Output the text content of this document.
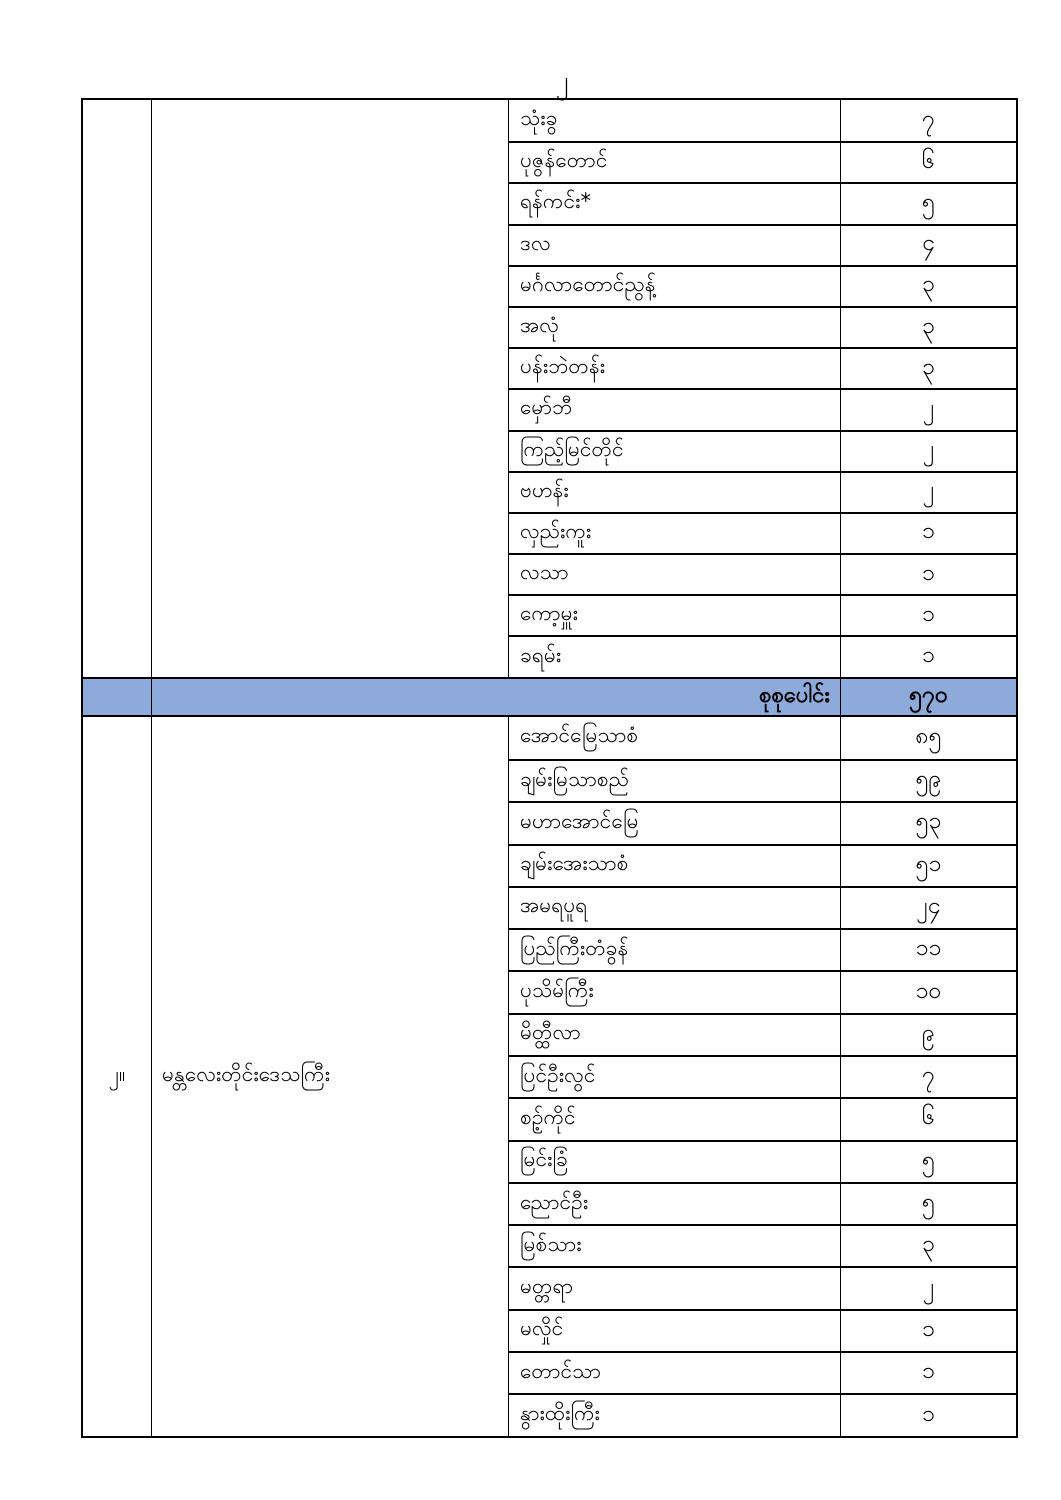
၂
သုံးခွ	၇
ပုဇွန်တောင်	၆
ရန်ကင်း*	၅
ဒလ	၄
မင်္ဂလာတောင်ညွန့်	၃
အလုံ	၃
ပန်းဘဲတန်း	၃
မှော်ဘီ	၂
ကြည့်မြင်တိုင်	၂
ဗဟန်း	၂
လှည်းကူး	၁
လသာ	၁
ကော့မှူး	၁
ခရမ်း	၁
စုစုပေါင်း	၅၇၀
၂။	မန္တလေးတိုင်းဒေသကြီး
အောင်မြေသာစံ	၈၅
ချမ်းမြသာစည်	၅၉
မဟာအောင်မြေ	၅၃
ချမ်းအေးသာစံ	၅၁
အမရပူရ	၂၄
ပြည်ကြီးတံခွန်	၁၁
ပုသိမ်ကြီး	၁၀
မိတ္ထီလာ	၉
ပြင်ဦးလွင်	၇
စဉ့်ကိုင်	၆
မြင်းခြံ	၅
ညောင်ဦး	၅
မြစ်သား	၃
မတ္တရာ	၂
မလှိုင်	၁
တောင်သာ	၁
နွားထိုးကြီး	၁
